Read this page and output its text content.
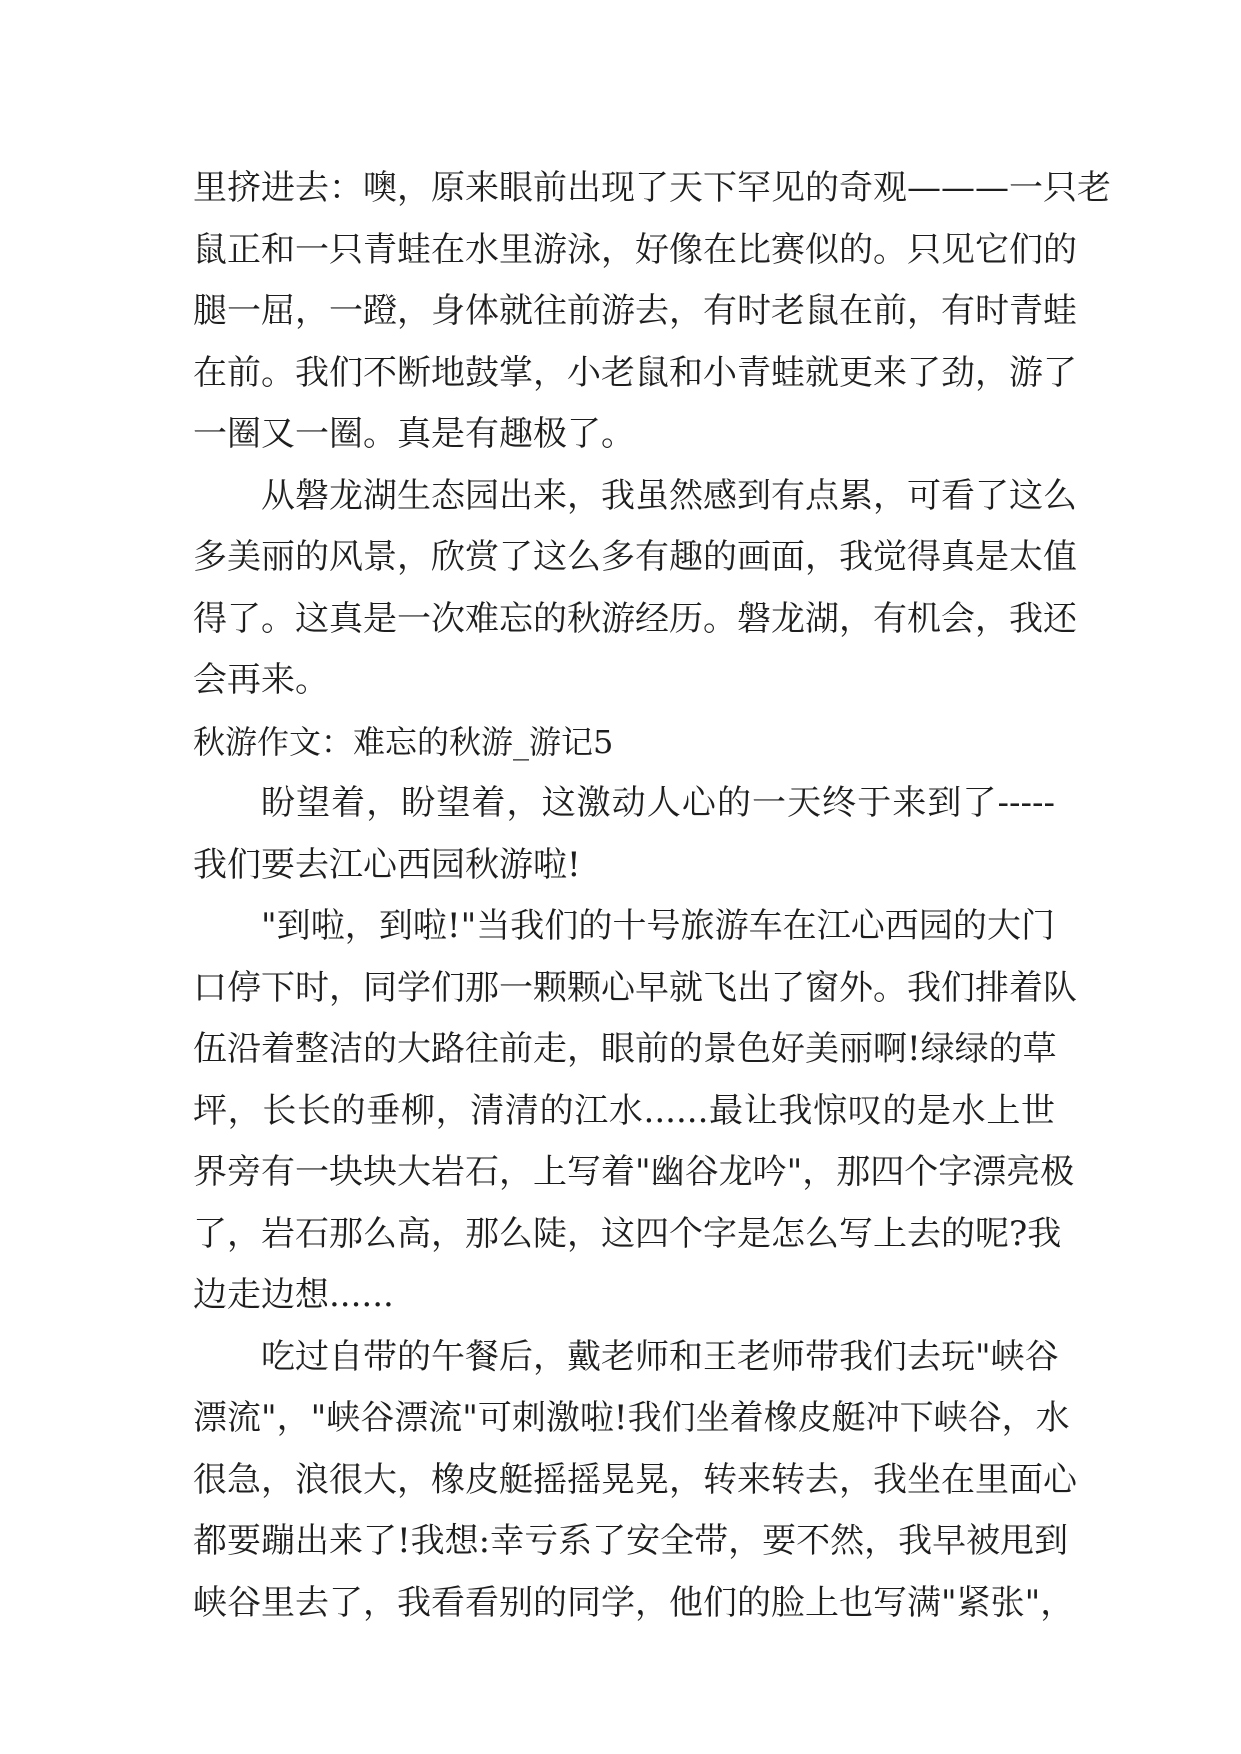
里挤进去：噢，原来眼前出现了天下罕见的奇观———一只老
鼠正和一只青蛙在水里游泳，好像在比赛似的。只见它们的
腿一屈，一蹬，身体就往前游去，有时老鼠在前，有时青蛙
在前。我们不断地鼓掌，小老鼠和小青蛙就更来了劲，游了
一圈又一圈。真是有趣极了。
从磐龙湖生态园出来，我虽然感到有点累，可看了这么
多美丽的风景，欣赏了这么多有趣的画面，我觉得真是太值
得了。这真是一次难忘的秋游经历。磐龙湖，有机会，我还
会再来。
秋游作文：难忘的秋游_游记5
盼望着，盼望着，这激动人心的一天终于来到了-----
我们要去江心西园秋游啦!
"到啦，到啦!"当我们的十号旅游车在江心西园的大门
口停下时，同学们那一颗颗心早就飞出了窗外。我们排着队
伍沿着整洁的大路往前走，眼前的景色好美丽啊!绿绿的草
坪，长长的垂柳，清清的江水......最让我惊叹的是水上世
界旁有一块块大岩石，上写着"幽谷龙吟"，那四个字漂亮极
了，岩石那么高，那么陡，这四个字是怎么写上去的呢?我
边走边想......
吃过自带的午餐后，戴老师和王老师带我们去玩"峡谷
漂流"，"峡谷漂流"可刺激啦!我们坐着橡皮艇冲下峡谷，水
很急，浪很大，橡皮艇摇摇晃晃，转来转去，我坐在里面心
都要蹦出来了!我想:幸亏系了安全带，要不然，我早被甩到
峡谷里去了，我看看别的同学，他们的脸上也写满"紧张"，
